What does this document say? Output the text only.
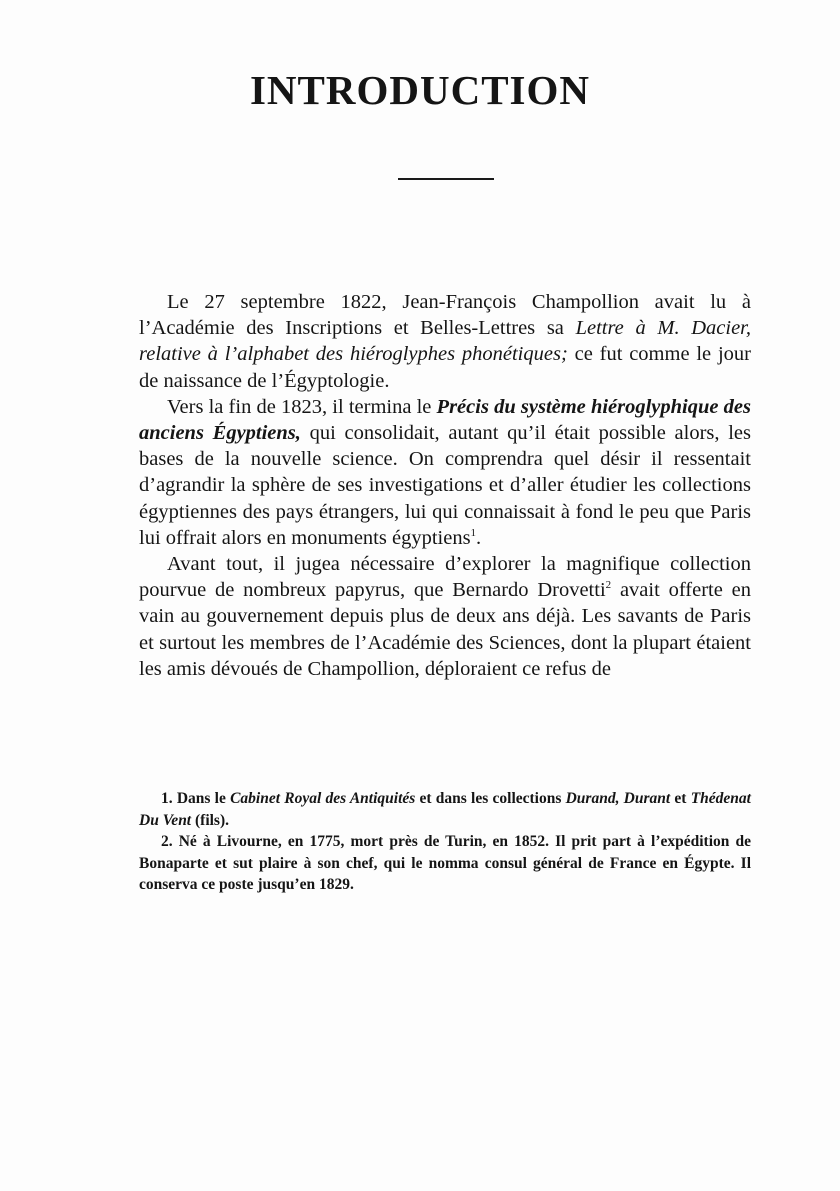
INTRODUCTION

Le 27 septembre 1822, Jean-François Champollion avait lu à l’Académie des Inscriptions et Belles-Lettres sa Lettre à M. Dacier, relative à l’alphabet des hiéroglyphes phonétiques; ce fut comme le jour de naissance de l’Égyptologie.

Vers la fin de 1823, il termina le Précis du système hiéroglyphique des anciens Égyptiens, qui consolidait, autant qu’il était possible alors, les bases de la nouvelle science. On comprendra quel désir il ressentait d’agrandir la sphère de ses investigations et d’aller étudier les collections égyptiennes des pays étrangers, lui qui connaissait à fond le peu que Paris lui offrait alors en monuments égyptiens$^1$.

Avant tout, il jugea nécessaire d’explorer la magnifique collection pourvue de nombreux papyrus, que Bernardo Drovetti$^2$ avait offerte en vain au gouvernement depuis plus de deux ans déjà. Les savants de Paris et surtout les membres de l’Académie des Sciences, dont la plupart étaient les amis dévoués de Champollion, déploraient ce refus de

1. Dans le Cabinet Royal des Antiquités et dans les collections Durand, Durant et Thédenat Du Vent (fils).

2. Né à Livourne, en 1775, mort près de Turin, en 1852. Il prit part à l’expédition de Bonaparte et sut plaire à son chef, qui le nomma consul général de France en Égypte. Il conserva ce poste jusqu’en 1829.
